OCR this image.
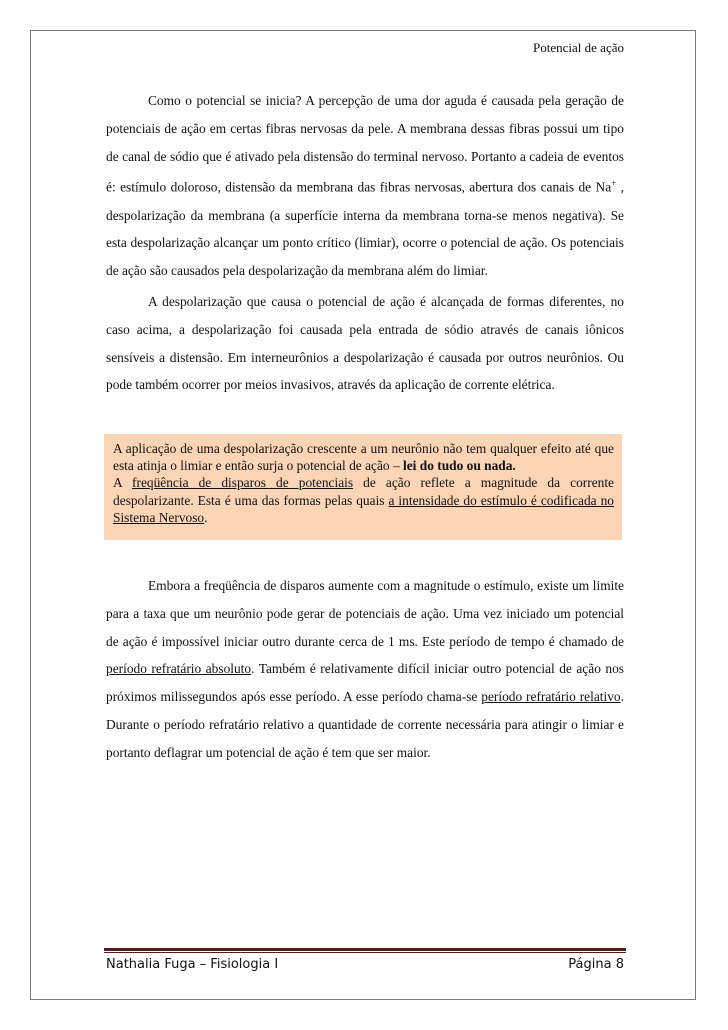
Potencial de ação

Como o potencial se inicia? A percepção de uma dor aguda é causada pela geração de potenciais de ação em certas fibras nervosas da pele. A membrana dessas fibras possui um tipo de canal de sódio que é ativado pela distensão do terminal nervoso. Portanto a cadeia de eventos é: estímulo doloroso, distensão da membrana das fibras nervosas, abertura dos canais de Na+ , despolarização da membrana (a superfície interna da membrana torna-se menos negativa). Se esta despolarização alcançar um ponto crítico (limiar), ocorre o potencial de ação. Os potenciais de ação são causados pela despolarização da membrana além do limiar.

A despolarização que causa o potencial de ação é alcançada de formas diferentes, no caso acima, a despolarização foi causada pela entrada de sódio através de canais iônicos sensíveis a distensão. Em interneurônios a despolarização é causada por outros neurônios. Ou pode também ocorrer por meios invasivos, através da aplicação de corrente elétrica.

A aplicação de uma despolarização crescente a um neurônio não tem qualquer efeito até que esta atinja o limiar e então surja o potencial de ação – lei do tudo ou nada.
A freqüência de disparos de potenciais de ação reflete a magnitude da corrente despolarizante. Esta é uma das formas pelas quais a intensidade do estímulo é codificada no Sistema Nervoso.

Embora a freqüência de disparos aumente com a magnitude o estímulo, existe um limite para a taxa que um neurônio pode gerar de potenciais de ação. Uma vez iniciado um potencial de ação é impossível iniciar outro durante cerca de 1 ms. Este período de tempo é chamado de período refratário absoluto. Também é relativamente difícil iniciar outro potencial de ação nos próximos milissegundos após esse período. A esse período chama-se período refratário relativo. Durante o período refratário relativo a quantidade de corrente necessária para atingir o limiar e portanto deflagrar um potencial de ação é tem que ser maior.

Nathalia Fuga – Fisiologia I	Página 8
